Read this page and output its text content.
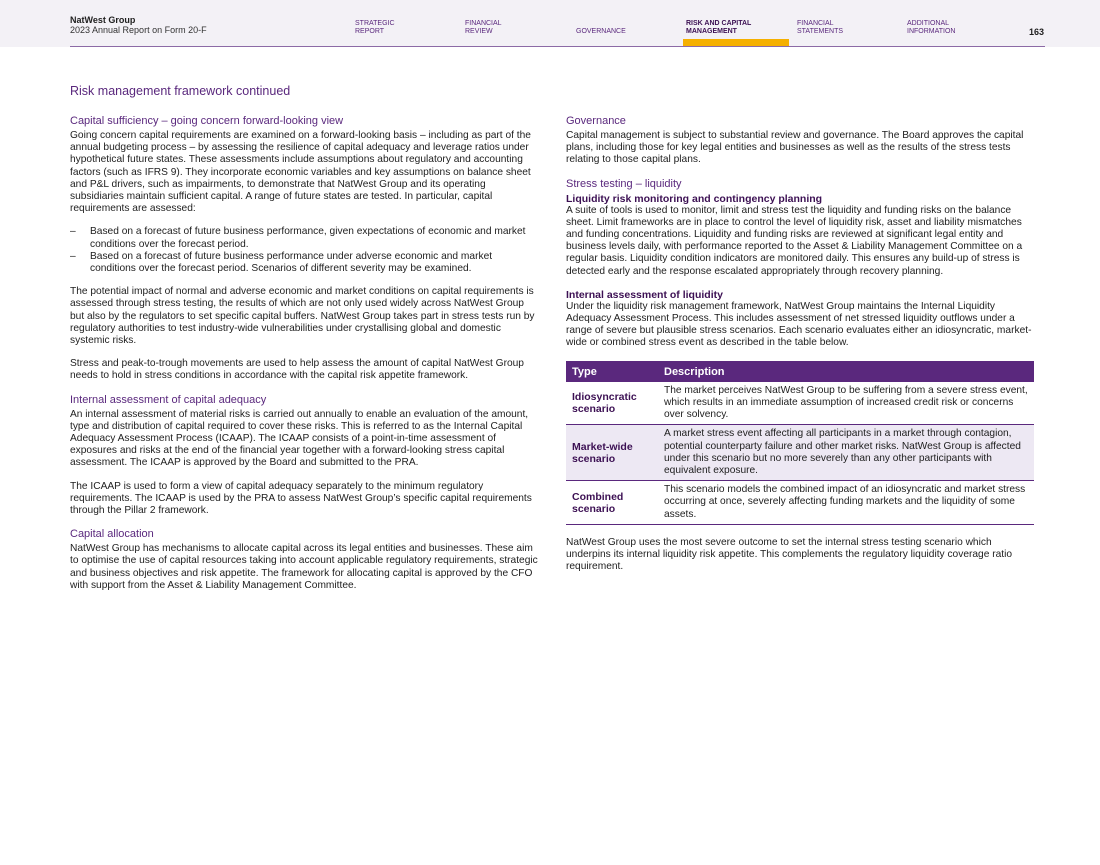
NatWest Group
2023 Annual Report on Form 20-F
STRATEGIC
REPORT
FINANCIAL
REVIEW	GOVERNANCE
RISK AND CAPITAL
MANAGEMENT
FINANCIAL
STATEMENTS
ADDITIONAL
INFORMATION	163
Risk management framework continued
Capital sufficiency – going concern forward-looking view
Going concern capital requirements are examined on a forward-looking basis – including as part of the annual budgeting process – by assessing the resilience of capital adequacy and leverage ratios under hypothetical future states. These assessments include assumptions about regulatory and accounting factors (such as IFRS 9). They incorporate economic variables and key assumptions on balance sheet and P&L drivers, such as impairments, to demonstrate that NatWest Group and its operating subsidiaries maintain sufficient capital. A range of future states are tested. In particular, capital requirements are assessed:
– Based on a forecast of future business performance, given expectations of economic and market conditions over the forecast period.
– Based on a forecast of future business performance under adverse economic and market conditions over the forecast period. Scenarios of different severity may be examined.
The potential impact of normal and adverse economic and market conditions on capital requirements is assessed through stress testing, the results of which are not only used widely across NatWest Group but also by the regulators to set specific capital buffers. NatWest Group takes part in stress tests run by regulatory authorities to test industry-wide vulnerabilities under crystallising global and domestic systemic risks.
Stress and peak-to-trough movements are used to help assess the amount of capital NatWest Group needs to hold in stress conditions in accordance with the capital risk appetite framework.
Internal assessment of capital adequacy
An internal assessment of material risks is carried out annually to enable an evaluation of the amount, type and distribution of capital required to cover these risks. This is referred to as the Internal Capital Adequacy Assessment Process (ICAAP). The ICAAP consists of a point-in-time assessment of exposures and risks at the end of the financial year together with a forward-looking stress capital assessment. The ICAAP is approved by the Board and submitted to the PRA.
The ICAAP is used to form a view of capital adequacy separately to the minimum regulatory requirements. The ICAAP is used by the PRA to assess NatWest Group’s specific capital requirements through the Pillar 2 framework.
Capital allocation
NatWest Group has mechanisms to allocate capital across its legal entities and businesses. These aim to optimise the use of capital resources taking into account applicable regulatory requirements, strategic and business objectives and risk appetite. The framework for allocating capital is approved by the CFO with support from the Asset & Liability Management Committee.
Governance
Capital management is subject to substantial review and governance. The Board approves the capital plans, including those for key legal entities and businesses as well as the results of the stress tests relating to those capital plans.
Stress testing – liquidity
Liquidity risk monitoring and contingency planning
A suite of tools is used to monitor, limit and stress test the liquidity and funding risks on the balance sheet. Limit frameworks are in place to control the level of liquidity risk, asset and liability mismatches and funding concentrations. Liquidity and funding risks are reviewed at significant legal entity and business levels daily, with performance reported to the Asset & Liability Management Committee on a regular basis. Liquidity condition indicators are monitored daily. This ensures any build-up of stress is detected early and the response escalated appropriately through recovery planning.
Internal assessment of liquidity
Under the liquidity risk management framework, NatWest Group maintains the Internal Liquidity Adequacy Assessment Process. This includes assessment of net stressed liquidity outflows under a range of severe but plausible stress scenarios. Each scenario evaluates either an idiosyncratic, market-wide or combined stress event as described in the table below.
Type	Description
Idiosyncratic scenario	The market perceives NatWest Group to be suffering from a severe stress event, which results in an immediate assumption of increased credit risk or concerns over solvency.
Market-wide scenario	A market stress event affecting all participants in a market through contagion, potential counterparty failure and other market risks. NatWest Group is affected under this scenario but no more severely than any other participants with equivalent exposure.
Combined scenario	This scenario models the combined impact of an idiosyncratic and market stress occurring at once, severely affecting funding markets and the liquidity of some assets.
NatWest Group uses the most severe outcome to set the internal stress testing scenario which underpins its internal liquidity risk appetite. This complements the regulatory liquidity coverage ratio requirement.
